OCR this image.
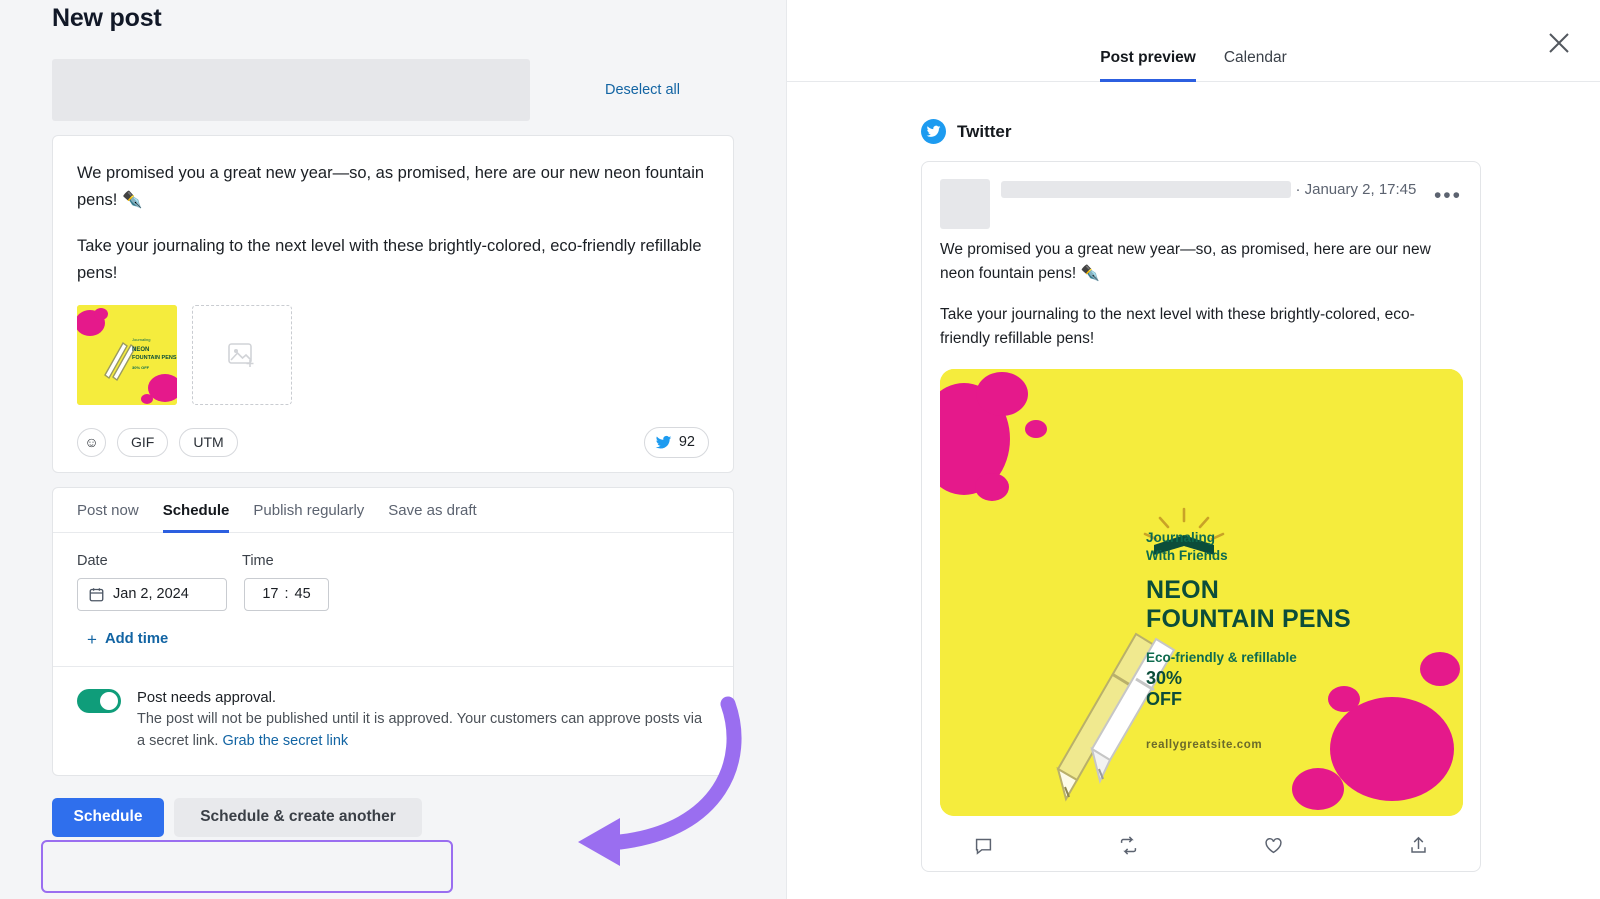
New post
Deselect all

We promised you a great new year—so, as promised, here are our new neon fountain pens! ✒️

Take your journaling to the next level with these brightly-colored, eco-friendly refillable pens!

Journaling
NEON
FOUNTAIN PENS
30% OFF
☺	GIF	UTM	92
Post now Schedule Publish regularly Save as draft
Date	Time
Jan 2, 2024	17 : 45
+ Add time
Post needs approval.
The post will not be published until it is approved. Your customers can approve posts via a secret link. Grab the secret link
Schedule	Schedule & create another
Post preview Calendar
Twitter
· January 2, 17:45 •••

We promised you a great new year—so, as promised, here are our new neon fountain pens! ✒️

Take your journaling to the next level with these brightly-colored, eco-friendly refillable pens!

Journaling
With Friends
NEON
FOUNTAIN PENS
Eco-friendly & refillable
30%
OFF
reallygreatsite.com
